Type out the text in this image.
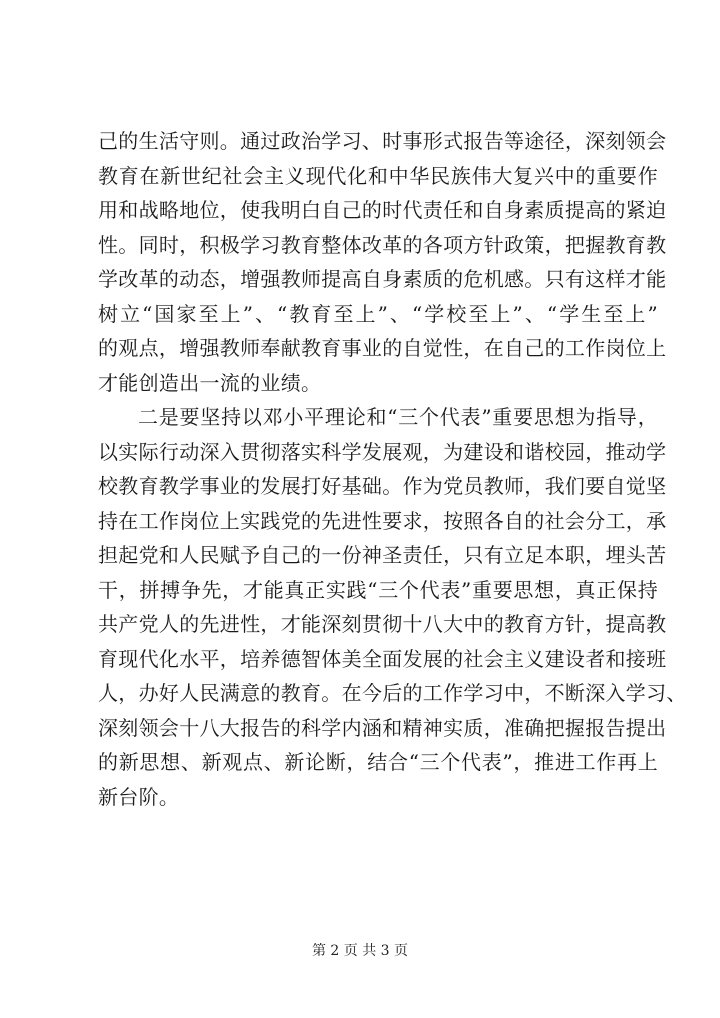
己的生活守则。通过政治学习、时事形式报告等途径，深刻领会
教育在新世纪社会主义现代化和中华民族伟大复兴中的重要作
用和战略地位，使我明白自己的时代责任和自身素质提高的紧迫
性。同时，积极学习教育整体改革的各项方针政策，把握教育教
学改革的动态，增强教师提高自身素质的危机感。只有这样才能
树立“国家至上”、“教育至上”、“学校至上”、“学生至上”
的观点，增强教师奉献教育事业的自觉性，在自己的工作岗位上
才能创造出一流的业绩。
二是要坚持以邓小平理论和“三个代表”重要思想为指导，
以实际行动深入贯彻落实科学发展观，为建设和谐校园，推动学
校教育教学事业的发展打好基础。作为党员教师，我们要自觉坚
持在工作岗位上实践党的先进性要求，按照各自的社会分工，承
担起党和人民赋予自己的一份神圣责任，只有立足本职，埋头苦
干，拼搏争先，才能真正实践“三个代表”重要思想，真正保持
共产党人的先进性，才能深刻贯彻十八大中的教育方针，提高教
育现代化水平，培养德智体美全面发展的社会主义建设者和接班
人，办好人民满意的教育。在今后的工作学习中，不断深入学习、
深刻领会十八大报告的科学内涵和精神实质，准确把握报告提出
的新思想、新观点、新论断，结合“三个代表”，推进工作再上
新台阶。
第 2 页 共 3 页
